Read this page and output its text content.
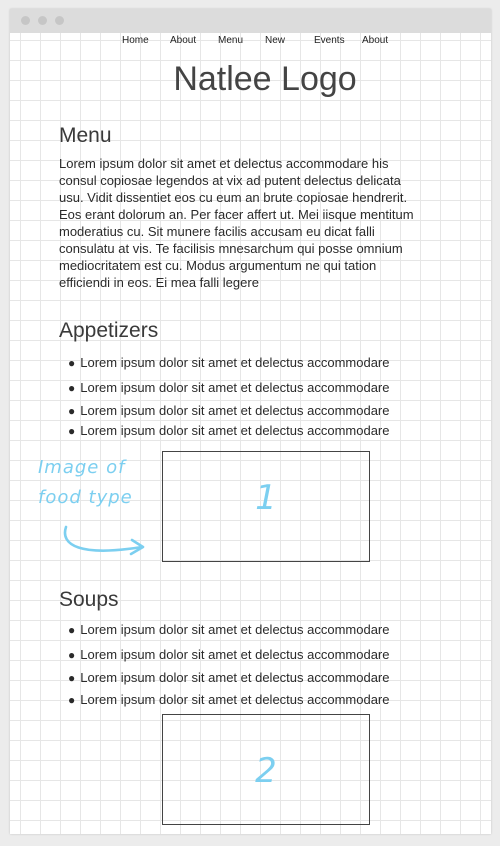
Home About Menu New	Events About
Natlee Logo
Menu

Lorem ipsum dolor sit amet et delectus accommodare his consul copiosae legendos at vix ad putent delectus delicata usu. Vidit dissentiet eos cu eum an brute copiosae hendrerit. Eos erant dolorum an. Per facer affert ut. Mei iisque mentitum moderatius cu. Sit munere facilis accusam eu dicat falli consulatu at vis. Te facilisis mnesarchum qui posse omnium mediocritatem est cu. Modus argumentum ne qui tation efficiendi in eos. Ei mea falli legere

Appetizers
● Lorem ipsum dolor sit amet et delectus accommodare
● Lorem ipsum dolor sit amet et delectus accommodare
● Lorem ipsum dolor sit amet et delectus accommodare
● Lorem ipsum dolor sit amet et delectus accommodare
Image of food type	1
Soups
● Lorem ipsum dolor sit amet et delectus accommodare
● Lorem ipsum dolor sit amet et delectus accommodare
● Lorem ipsum dolor sit amet et delectus accommodare
● Lorem ipsum dolor sit amet et delectus accommodare
2
